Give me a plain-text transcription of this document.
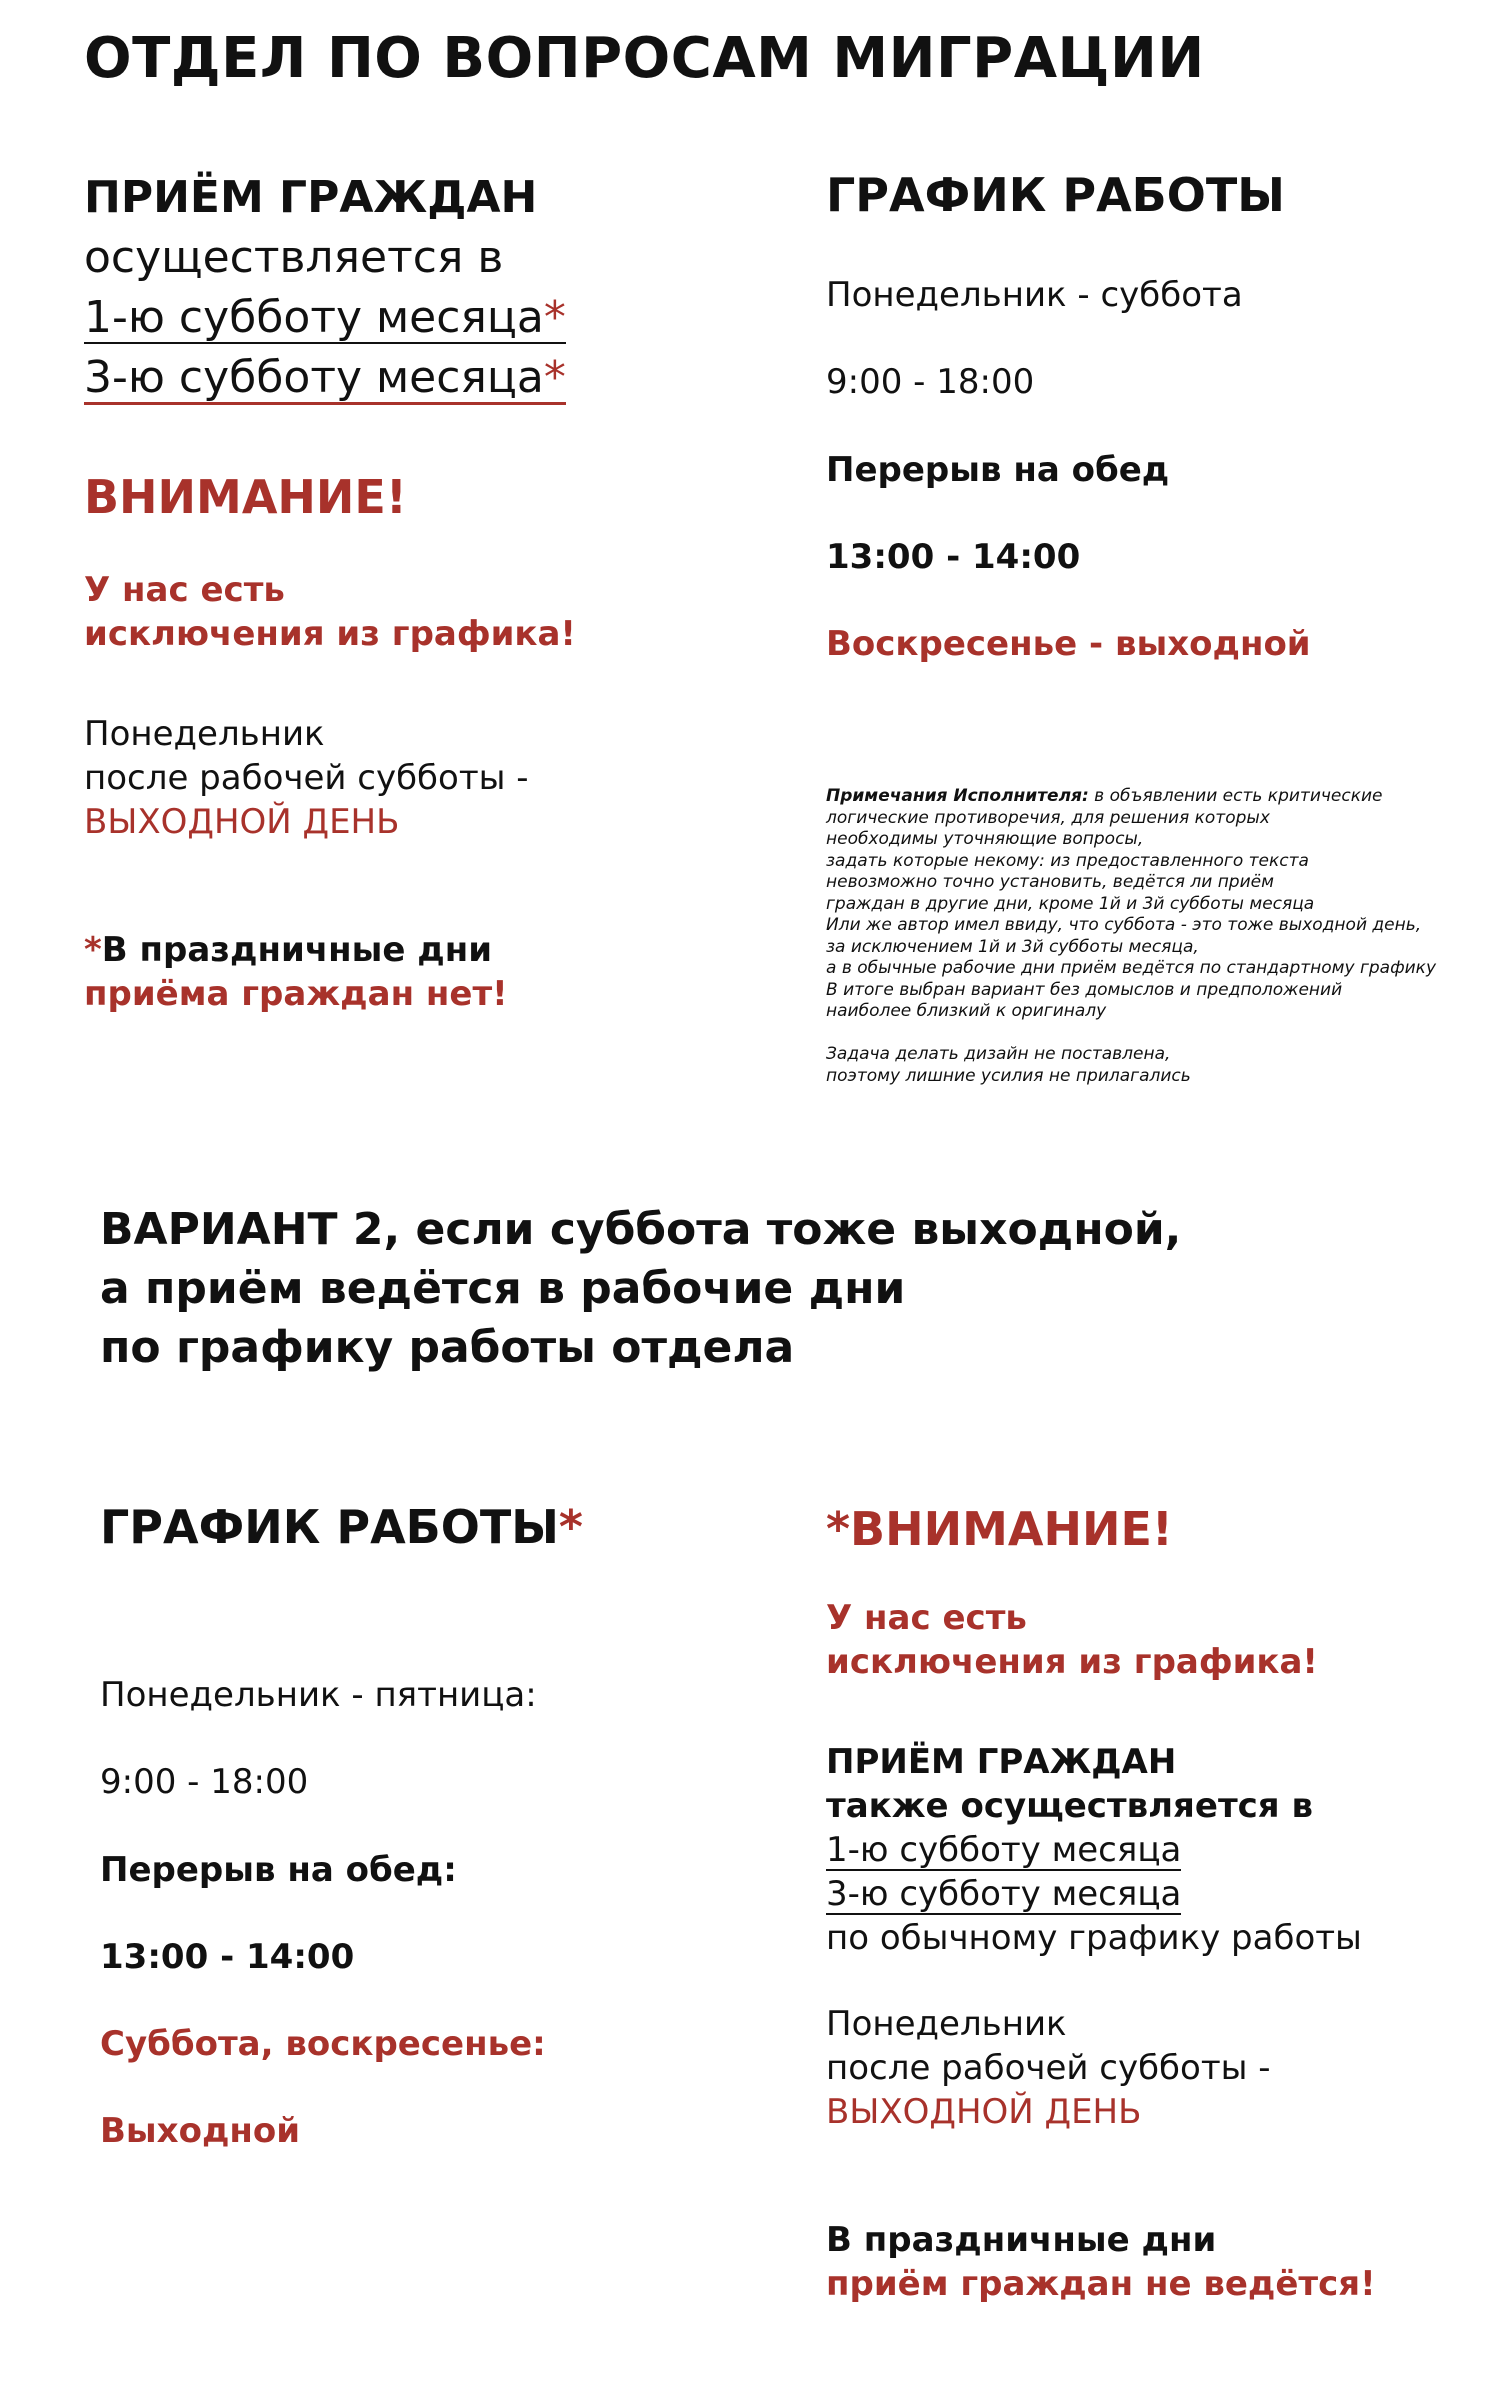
ОТДЕЛ ПО ВОПРОСАМ МИГРАЦИИ
ПРИЁМ ГРАЖДАН
осуществляется в
1-ю субботу месяца*
3-ю субботу месяца*
ВНИМАНИЕ!
У нас есть
исключения из графика!
Понедельник
после рабочей субботы -
ВЫХОДНОЙ ДЕНЬ
*В праздничные дни
приёма граждан нет!
ГРАФИК РАБОТЫ
Понедельник - суббота
9:00 - 18:00
Перерыв на обед
13:00 - 14:00
Воскресенье - выходной
Примечания Исполнителя: в объявлении есть критические
логические противоречия, для решения которых
необходимы уточняющие вопросы,
задать которые некому: из предоставленного текста
невозможно точно установить, ведётся ли приём
граждан в другие дни, кроме 1й и 3й субботы месяца
Или же автор имел ввиду, что суббота - это тоже выходной день,
за исключением 1й и 3й субботы месяца,
а в обычные рабочие дни приём ведётся по стандартному графику
В итоге выбран вариант без домыслов и предположений
наиболее близкий к оригиналу
Задача делать дизайн не поставлена,
поэтому лишние усилия не прилагались
ВАРИАНТ 2, если суббота тоже выходной,
а приём ведётся в рабочие дни
по графику работы отдела
ГРАФИК РАБОТЫ*
Понедельник - пятница:
9:00 - 18:00
Перерыв на обед:
13:00 - 14:00
Суббота, воскресенье:
Выходной
*ВНИМАНИЕ!
У нас есть
исключения из графика!
ПРИЁМ ГРАЖДАН
также осуществляется в
1-ю субботу месяца
3-ю субботу месяца
по обычному графику работы
Понедельник
после рабочей субботы -
ВЫХОДНОЙ ДЕНЬ
В праздничные дни
приём граждан не ведётся!
